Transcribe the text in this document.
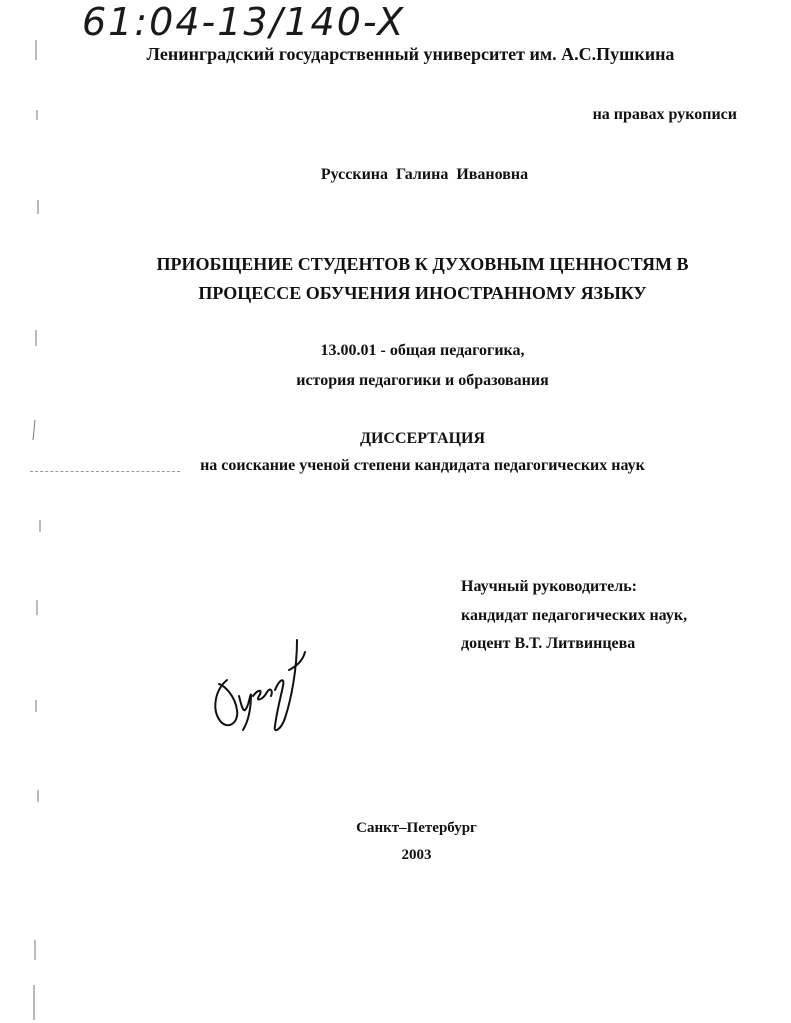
61:04-13/140-X
Ленинградский государственный университет им. А.С.Пушкина
на правах рукописи
Русскина Галина Ивановна
ПРИОБЩЕНИЕ СТУДЕНТОВ К ДУХОВНЫМ ЦЕННОСТЯМ В
ПРОЦЕССЕ ОБУЧЕНИЯ ИНОСТРАННОМУ ЯЗЫКУ
13.00.01 - общая педагогика,
история педагогики и образования
ДИССЕРТАЦИЯ
на соискание ученой степени кандидата педагогических наук
Научный руководитель:
кандидат педагогических наук,
доцент В.Т. Литвинцева
Санкт–Петербург
2003
